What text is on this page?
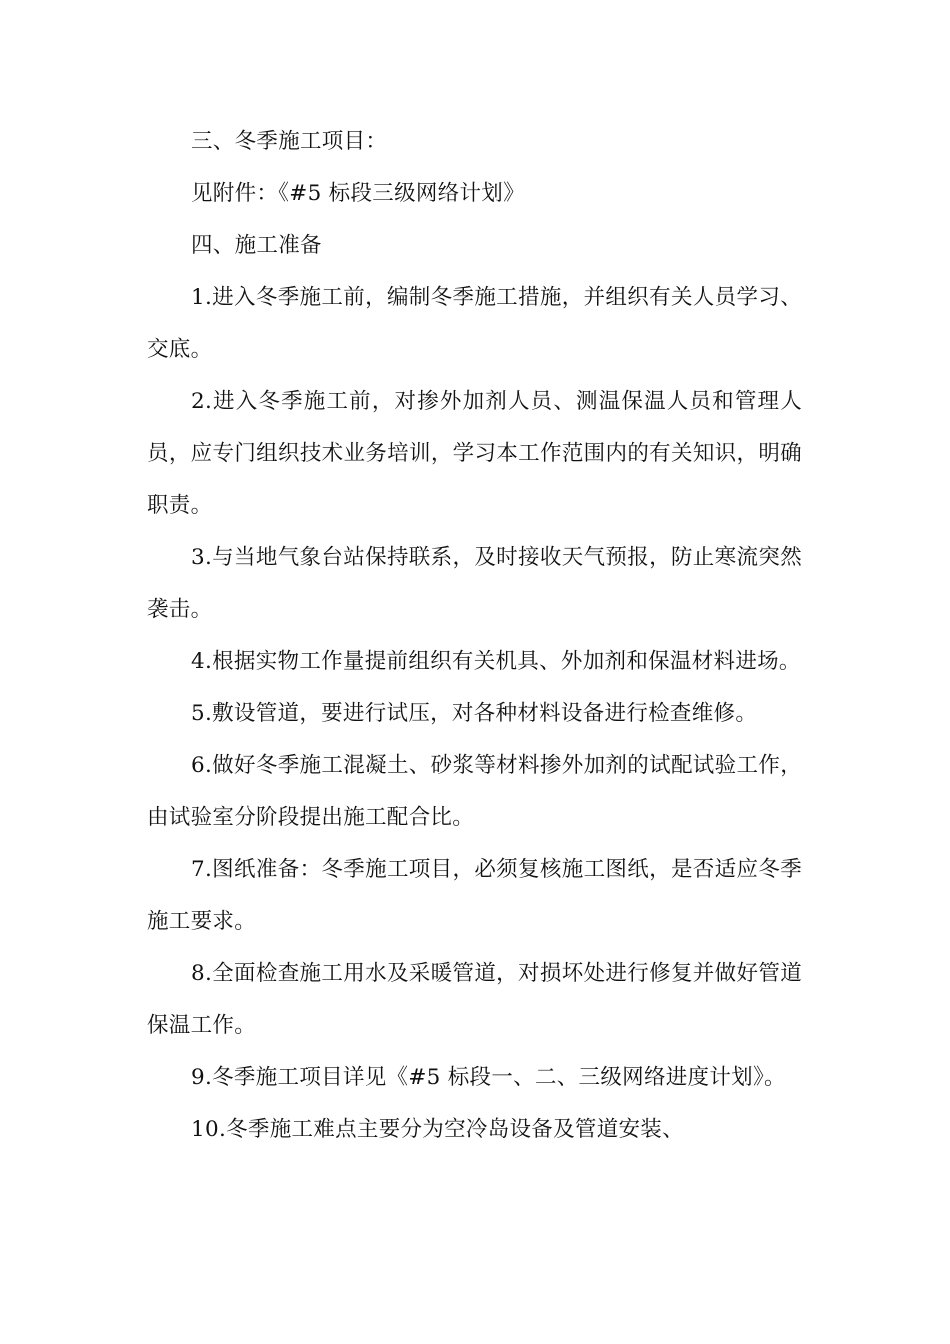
三、冬季施工项目：

见附件：《#5 标段三级网络计划》

四、施工准备

1.进入冬季施工前，编制冬季施工措施，并组织有关人员学习、交底。

2.进入冬季施工前，对掺外加剂人员、测温保温人员和管理人员，应专门组织技术业务培训，学习本工作范围内的有关知识，明确职责。

3.与当地气象台站保持联系，及时接收天气预报，防止寒流突然袭击。

4.根据实物工作量提前组织有关机具、外加剂和保温材料进场。

5.敷设管道，要进行试压，对各种材料设备进行检查维修。

6.做好冬季施工混凝土、砂浆等材料掺外加剂的试配试验工作，由试验室分阶段提出施工配合比。

7.图纸准备：冬季施工项目，必须复核施工图纸，是否适应冬季施工要求。

8.全面检查施工用水及采暖管道，对损坏处进行修复并做好管道保温工作。

9.冬季施工项目详见《#5 标段一、二、三级网络进度计划》。

10.冬季施工难点主要分为空冷岛设备及管道安装、
